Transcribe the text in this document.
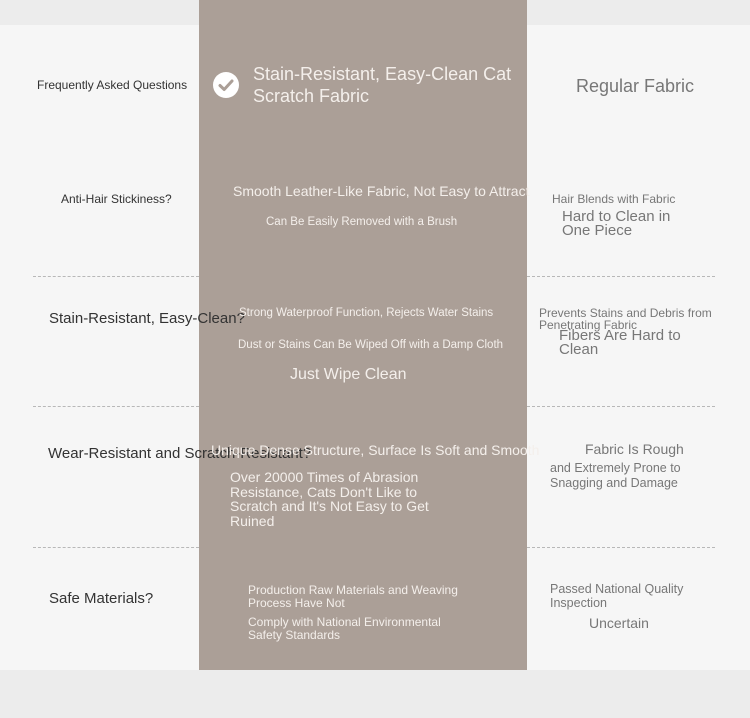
Frequently Asked Questions

Anti-Hair Stickiness?

Stain-Resistant, Easy-Clean?

Wear-Resistant and Scratch-Resistant?

Safe Materials?

Stain-Resistant, Easy-Clean Cat Scratch Fabric

Smooth Leather-Like Fabric, Not Easy to Attract

Can Be Easily Removed with a Brush

Strong Waterproof Function, Rejects Water Stains

Dust or Stains Can Be Wiped Off with a Damp Cloth

Just Wipe Clean

Unique Dense Structure, Surface Is Soft and Smooth

Over 20000 Times of Abrasion Resistance, Cats Don't Like to Scratch and It's Not Easy to Get Ruined

Production Raw Materials and Weaving Process Have Not

Comply with National Environmental Safety Standards

Regular Fabric

Hair Blends with Fabric

Hard to Clean in One Piece

Prevents Stains and Debris from Penetrating Fabric

Fibers Are Hard to Clean

Fabric Is Rough

and Extremely Prone to Snagging and Damage

Passed National Quality Inspection

Uncertain
